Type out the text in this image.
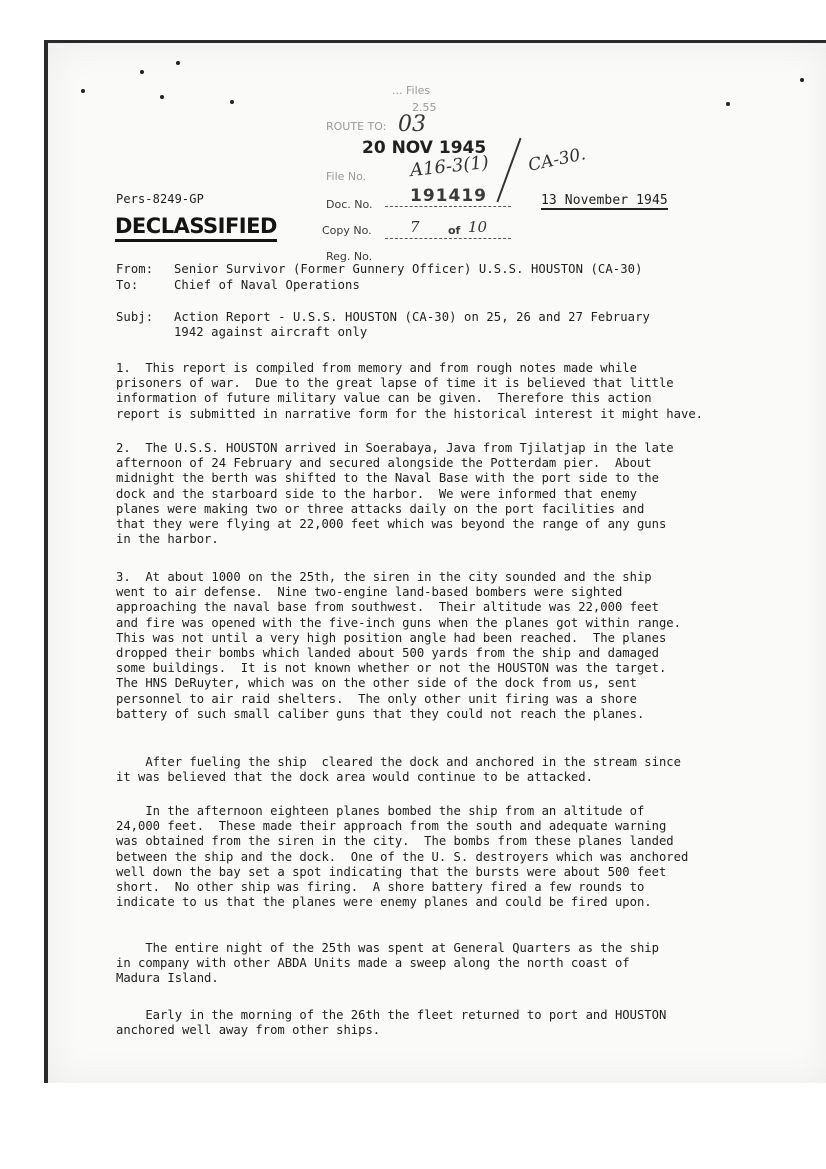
... Files
2.55
ROUTE TO: 03
20 NOV 1945
File No. A16-3(1) CA-30.
Doc. No. 191419
Copy No.	7	of 10
Reg. No.
Pers-8249-GP	13 November 1945
DECLASSIFIED
From: Senior Survivor (Former Gunnery Officer) U.S.S. HOUSTON (CA-30)
To:	Chief of Naval Operations
Subj: Action Report - U.S.S. HOUSTON (CA-30) on 25, 26 and 27 February
1942 against aircraft only
1.  This report is compiled from memory and from rough notes made while
prisoners of war.  Due to the great lapse of time it is believed that little
information of future military value can be given.  Therefore this action
report is submitted in narrative form for the historical interest it might have.
2.  The U.S.S. HOUSTON arrived in Soerabaya, Java from Tjilatjap in the late
afternoon of 24 February and secured alongside the Potterdam pier.  About
midnight the berth was shifted to the Naval Base with the port side to the
dock and the starboard side to the harbor.  We were informed that enemy
planes were making two or three attacks daily on the port facilities and
that they were flying at 22,000 feet which was beyond the range of any guns
in the harbor.
3.  At about 1000 on the 25th, the siren in the city sounded and the ship
went to air defense.  Nine two-engine land-based bombers were sighted
approaching the naval base from southwest.  Their altitude was 22,000 feet
and fire was opened with the five-inch guns when the planes got within range.
This was not until a very high position angle had been reached.  The planes
dropped their bombs which landed about 500 yards from the ship and damaged
some buildings.  It is not known whether or not the HOUSTON was the target.
The HNS DeRuyter, which was on the other side of the dock from us, sent
personnel to air raid shelters.  The only other unit firing was a shore
battery of such small caliber guns that they could not reach the planes.
After fueling the ship  cleared the dock and anchored in the stream since
it was believed that the dock area would continue to be attacked.
In the afternoon eighteen planes bombed the ship from an altitude of
24,000 feet.  These made their approach from the south and adequate warning
was obtained from the siren in the city.  The bombs from these planes landed
between the ship and the dock.  One of the U. S. destroyers which was anchored
well down the bay set a spot indicating that the bursts were about 500 feet
short.  No other ship was firing.  A shore battery fired a few rounds to
indicate to us that the planes were enemy planes and could be fired upon.
The entire night of the 25th was spent at General Quarters as the ship
in company with other ABDA Units made a sweep along the north coast of
Madura Island.
Early in the morning of the 26th the fleet returned to port and HOUSTON
anchored well away from other ships.
